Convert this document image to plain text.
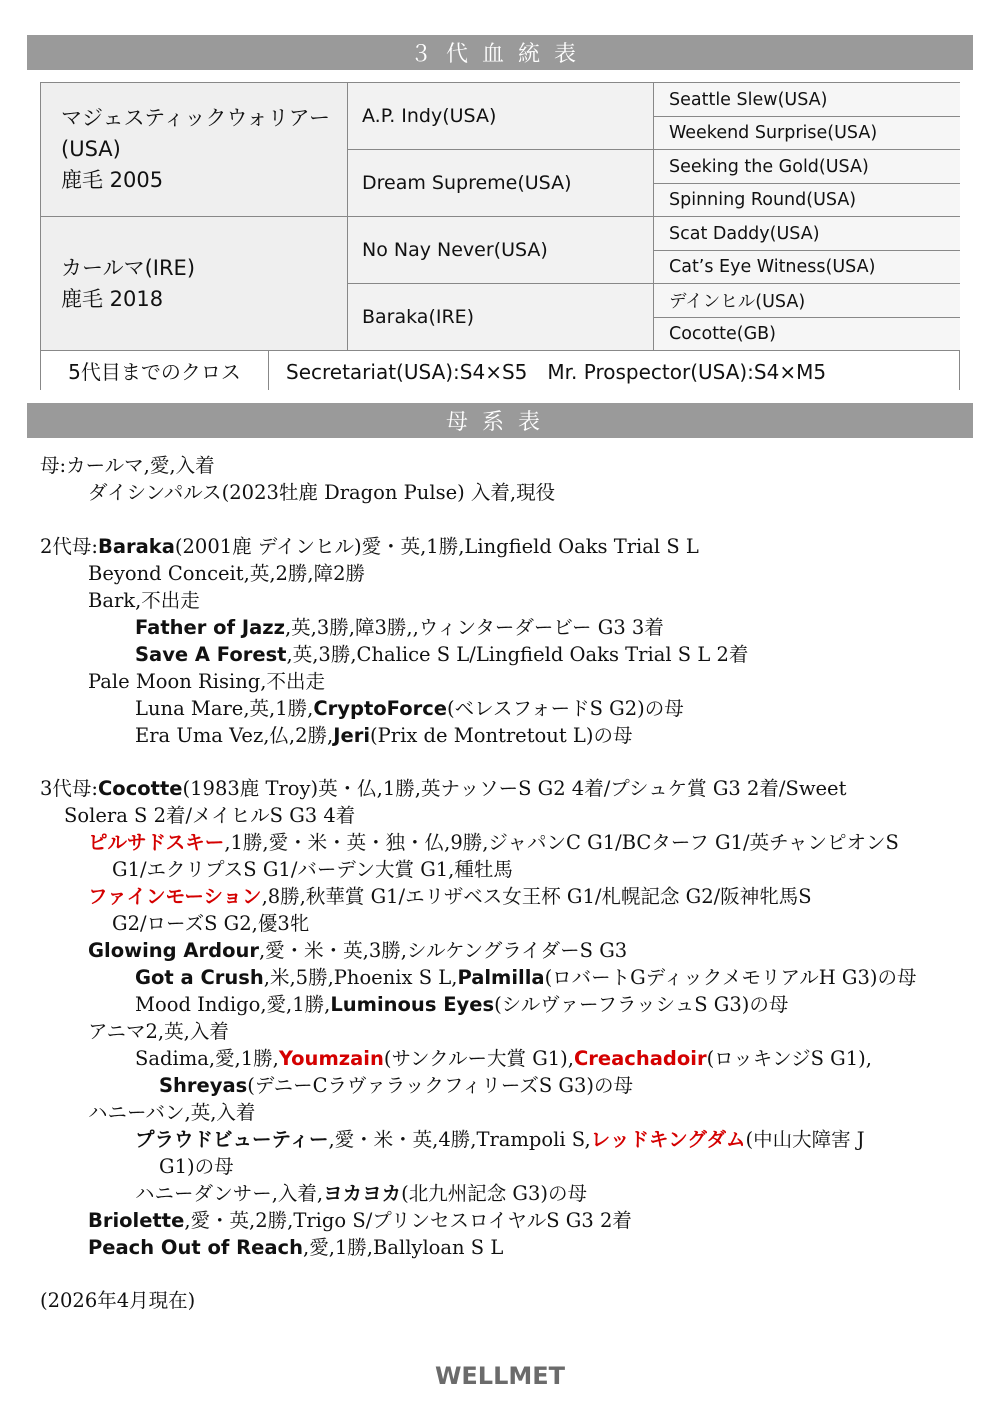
３代血統表
マジェスティックウォリアー
(USA)
鹿毛 2005
カールマ(IRE)
鹿毛 2018
A.P. Indy(USA)
Dream Supreme(USA)
No Nay Never(USA)
Baraka(IRE)
Seattle Slew(USA)
Weekend Surprise(USA)
Seeking the Gold(USA)
Spinning Round(USA)
Scat Daddy(USA)
Cat’s Eye Witness(USA)
デインヒル(USA)
Cocotte(GB)
5代目までのクロス	Secretariat(USA):S4×S5　Mr. Prospector(USA):S4×M5
母系表
母:カールマ,愛,入着
ダイシンパルス(2023牡鹿 Dragon Pulse) 入着,現役
2代母:Baraka(2001鹿 デインヒル)愛・英,1勝,Lingfield Oaks Trial S L
Beyond Conceit,英,2勝,障2勝
Bark,不出走
Father of Jazz,英,3勝,障3勝,,ウィンターダービー G3 3着
Save A Forest,英,3勝,Chalice S L/Lingfield Oaks Trial S L 2着
Pale Moon Rising,不出走
Luna Mare,英,1勝,CryptoForce(ベレスフォードS G2)の母
Era Uma Vez,仏,2勝,Jeri(Prix de Montretout L)の母
3代母:Cocotte(1983鹿 Troy)英・仏,1勝,英ナッソーS G2 4着/プシュケ賞 G3 2着/Sweet
Solera S 2着/メイヒルS G3 4着
ピルサドスキー,1勝,愛・米・英・独・仏,9勝,ジャパンC G1/BCターフ G1/英チャンピオンS
G1/エクリプスS G1/バーデン大賞 G1,種牡馬
ファインモーション,8勝,秋華賞 G1/エリザベス女王杯 G1/札幌記念 G2/阪神牝馬S
G2/ローズS G2,優3牝
Glowing Ardour,愛・米・英,3勝,シルケングライダーS G3
Got a Crush,米,5勝,Phoenix S L,Palmilla(ロバートGディックメモリアルH G3)の母
Mood Indigo,愛,1勝,Luminous Eyes(シルヴァーフラッシュS G3)の母
アニマ2,英,入着
Sadima,愛,1勝,Youmzain(サンクルー大賞 G1),Creachadoir(ロッキンジS G1),
Shreyas(デニーCラヴァラックフィリーズS G3)の母
ハニーバン,英,入着
プラウドビューティー,愛・米・英,4勝,Trampoli S,レッドキングダム(中山大障害 J
G1)の母
ハニーダンサー,入着,ヨカヨカ(北九州記念 G3)の母
Briolette,愛・英,2勝,Trigo S/プリンセスロイヤルS G3 2着
Peach Out of Reach,愛,1勝,Ballyloan S L
(2026年4月現在)
WELLMET
